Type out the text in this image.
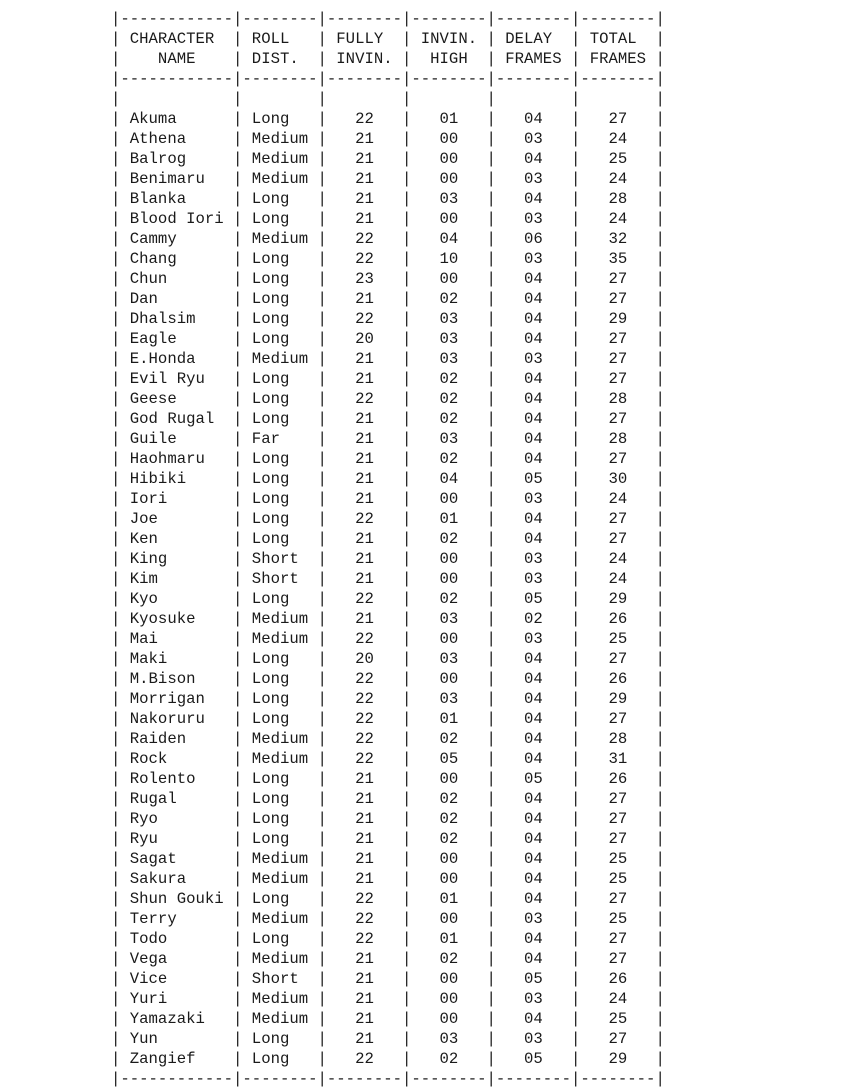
|------------|--------|--------|--------|--------|--------|
| CHARACTER  | ROLL   | FULLY  | INVIN. | DELAY  | TOTAL  |
|    NAME    | DIST.  | INVIN. |  HIGH  | FRAMES | FRAMES |
|------------|--------|--------|--------|--------|--------|
|	|	|	|	|	|	|
| Akuma      | Long   |   22   |   01   |   04   |   27   |
| Athena     | Medium |   21   |   00   |   03   |   24   |
| Balrog     | Medium |   21   |   00   |   04   |   25   |
| Benimaru   | Medium |   21   |   00   |   03   |   24   |
| Blanka     | Long   |   21   |   03   |   04   |   28   |
| Blood Iori | Long   |   21   |   00   |   03   |   24   |
| Cammy      | Medium |   22   |   04   |   06   |   32   |
| Chang      | Long   |   22   |   10   |   03   |   35   |
| Chun       | Long   |   23   |   00   |   04   |   27   |
| Dan        | Long   |   21   |   02   |   04   |   27   |
| Dhalsim    | Long   |   22   |   03   |   04   |   29   |
| Eagle      | Long   |   20   |   03   |   04   |   27   |
| E.Honda    | Medium |   21   |   03   |   03   |   27   |
| Evil Ryu   | Long   |   21   |   02   |   04   |   27   |
| Geese      | Long   |   22   |   02   |   04   |   28   |
| God Rugal  | Long   |   21   |   02   |   04   |   27   |
| Guile      | Far    |   21   |   03   |   04   |   28   |
| Haohmaru   | Long   |   21   |   02   |   04   |   27   |
| Hibiki     | Long   |   21   |   04   |   05   |   30   |
| Iori       | Long   |   21   |   00   |   03   |   24   |
| Joe        | Long   |   22   |   01   |   04   |   27   |
| Ken        | Long   |   21   |   02   |   04   |   27   |
| King       | Short  |   21   |   00   |   03   |   24   |
| Kim        | Short  |   21   |   00   |   03   |   24   |
| Kyo        | Long   |   22   |   02   |   05   |   29   |
| Kyosuke    | Medium |   21   |   03   |   02   |   26   |
| Mai        | Medium |   22   |   00   |   03   |   25   |
| Maki       | Long   |   20   |   03   |   04   |   27   |
| M.Bison    | Long   |   22   |   00   |   04   |   26   |
| Morrigan   | Long   |   22   |   03   |   04   |   29   |
| Nakoruru   | Long   |   22   |   01   |   04   |   27   |
| Raiden     | Medium |   22   |   02   |   04   |   28   |
| Rock       | Medium |   22   |   05   |   04   |   31   |
| Rolento    | Long   |   21   |   00   |   05   |   26   |
| Rugal      | Long   |   21   |   02   |   04   |   27   |
| Ryo        | Long   |   21   |   02   |   04   |   27   |
| Ryu        | Long   |   21   |   02   |   04   |   27   |
| Sagat      | Medium |   21   |   00   |   04   |   25   |
| Sakura     | Medium |   21   |   00   |   04   |   25   |
| Shun Gouki | Long   |   22   |   01   |   04   |   27   |
| Terry      | Medium |   22   |   00   |   03   |   25   |
| Todo       | Long   |   22   |   01   |   04   |   27   |
| Vega       | Medium |   21   |   02   |   04   |   27   |
| Vice       | Short  |   21   |   00   |   05   |   26   |
| Yuri       | Medium |   21   |   00   |   03   |   24   |
| Yamazaki   | Medium |   21   |   00   |   04   |   25   |
| Yun        | Long   |   21   |   03   |   03   |   27   |
| Zangief    | Long   |   22   |   02   |   05   |   29   |
|------------|--------|--------|--------|--------|--------|
